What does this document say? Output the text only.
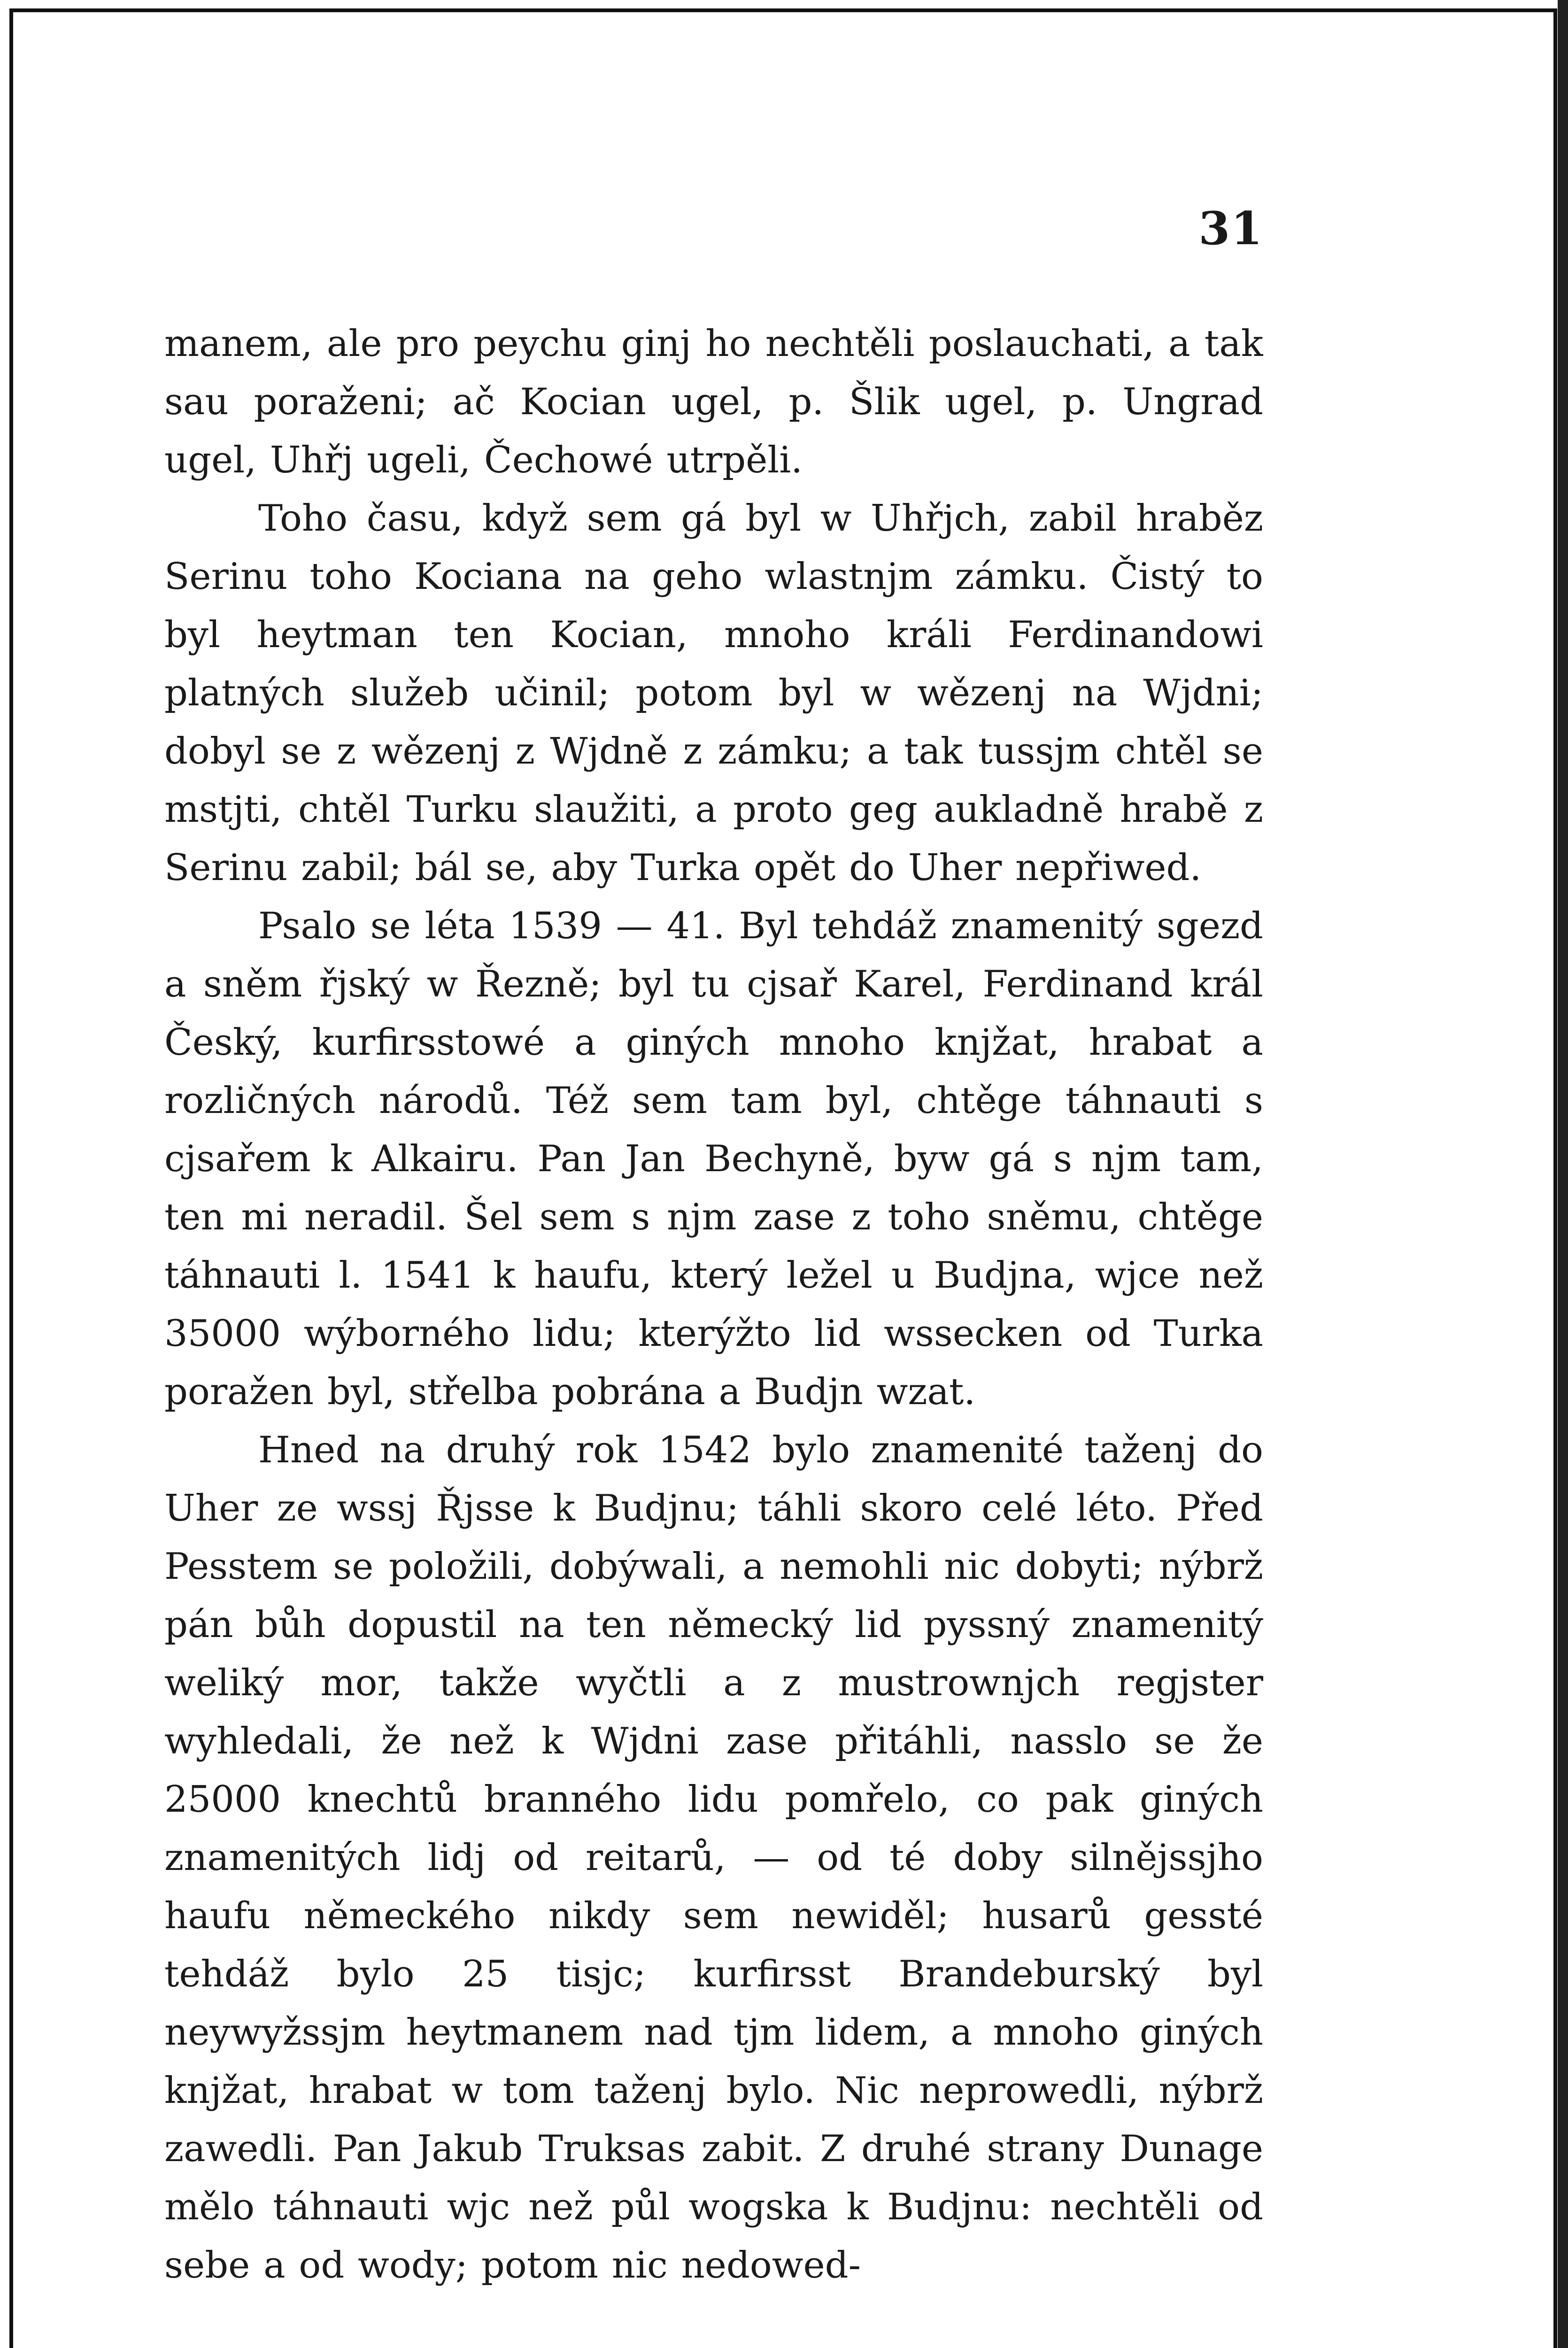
31

manem, ale pro peychu ginj ho nechtěli poslauchati, a tak sau poraženi; ač Kocian ugel, p. Šlik ugel, p. Ungrad ugel, Uhřj ugeli, Čechowé utrpěli.

Toho času, když sem gá byl w Uhřjch, zabil hraběz Serinu toho Kociana na geho wlastnjm zámku. Čistý to byl heytman ten Kocian, mnoho králi Ferdinandowi platných služeb učinil; potom byl w wězenj na Wjdni; dobyl se z wězenj z Wjdně z zámku; a tak tussjm chtěl se mstjti, chtěl Turku slaužiti, a proto geg aukladně hrabě z Serinu zabil; bál se, aby Turka opět do Uher nepřiwed.

Psalo se léta 1539 — 41. Byl tehdáž znamenitý sgezd a sněm řjský w Řezně; byl tu cjsař Karel, Ferdinand král Český, kurfirsstowé a giných mnoho knjžat, hrabat a rozličných národů. Též sem tam byl, chtěge táhnauti s cjsařem k Alkairu. Pan Jan Bechyně, byw gá s njm tam, ten mi neradil. Šel sem s njm zase z toho sněmu, chtěge táhnauti l. 1541 k haufu, který ležel u Budjna, wjce než 35000 wýborného lidu; kterýžto lid wssecken od Turka poražen byl, střelba pobrána a Budjn wzat.

Hned na druhý rok 1542 bylo znamenité taženj do Uher ze wssj Řjsse k Budjnu; táhli skoro celé léto. Před Pesstem se položili, dobýwali, a nemohli nic dobyti; nýbrž pán bůh dopustil na ten německý lid pyssný znamenitý weliký mor, takže wyčtli a z mustrownjch regjster wyhledali, že než k Wjdni zase přitáhli, nasslo se že 25000 knechtů branného lidu pomřelo, co pak giných znamenitých lidj od reitarů, — od té doby silnějssjho haufu německého nikdy sem newiděl; husarů gessté tehdáž bylo 25 tisjc; kurfirsst Brandeburský byl neywyžssjm heytmanem nad tjm lidem, a mnoho giných knjžat, hrabat w tom taženj bylo. Nic neprowedli, nýbrž zawedli. Pan Jakub Truksas zabit. Z druhé strany Dunage mělo táhnauti wjc než půl wogska k Budjnu: nechtěli od sebe a od wody; potom nic nedowed-
